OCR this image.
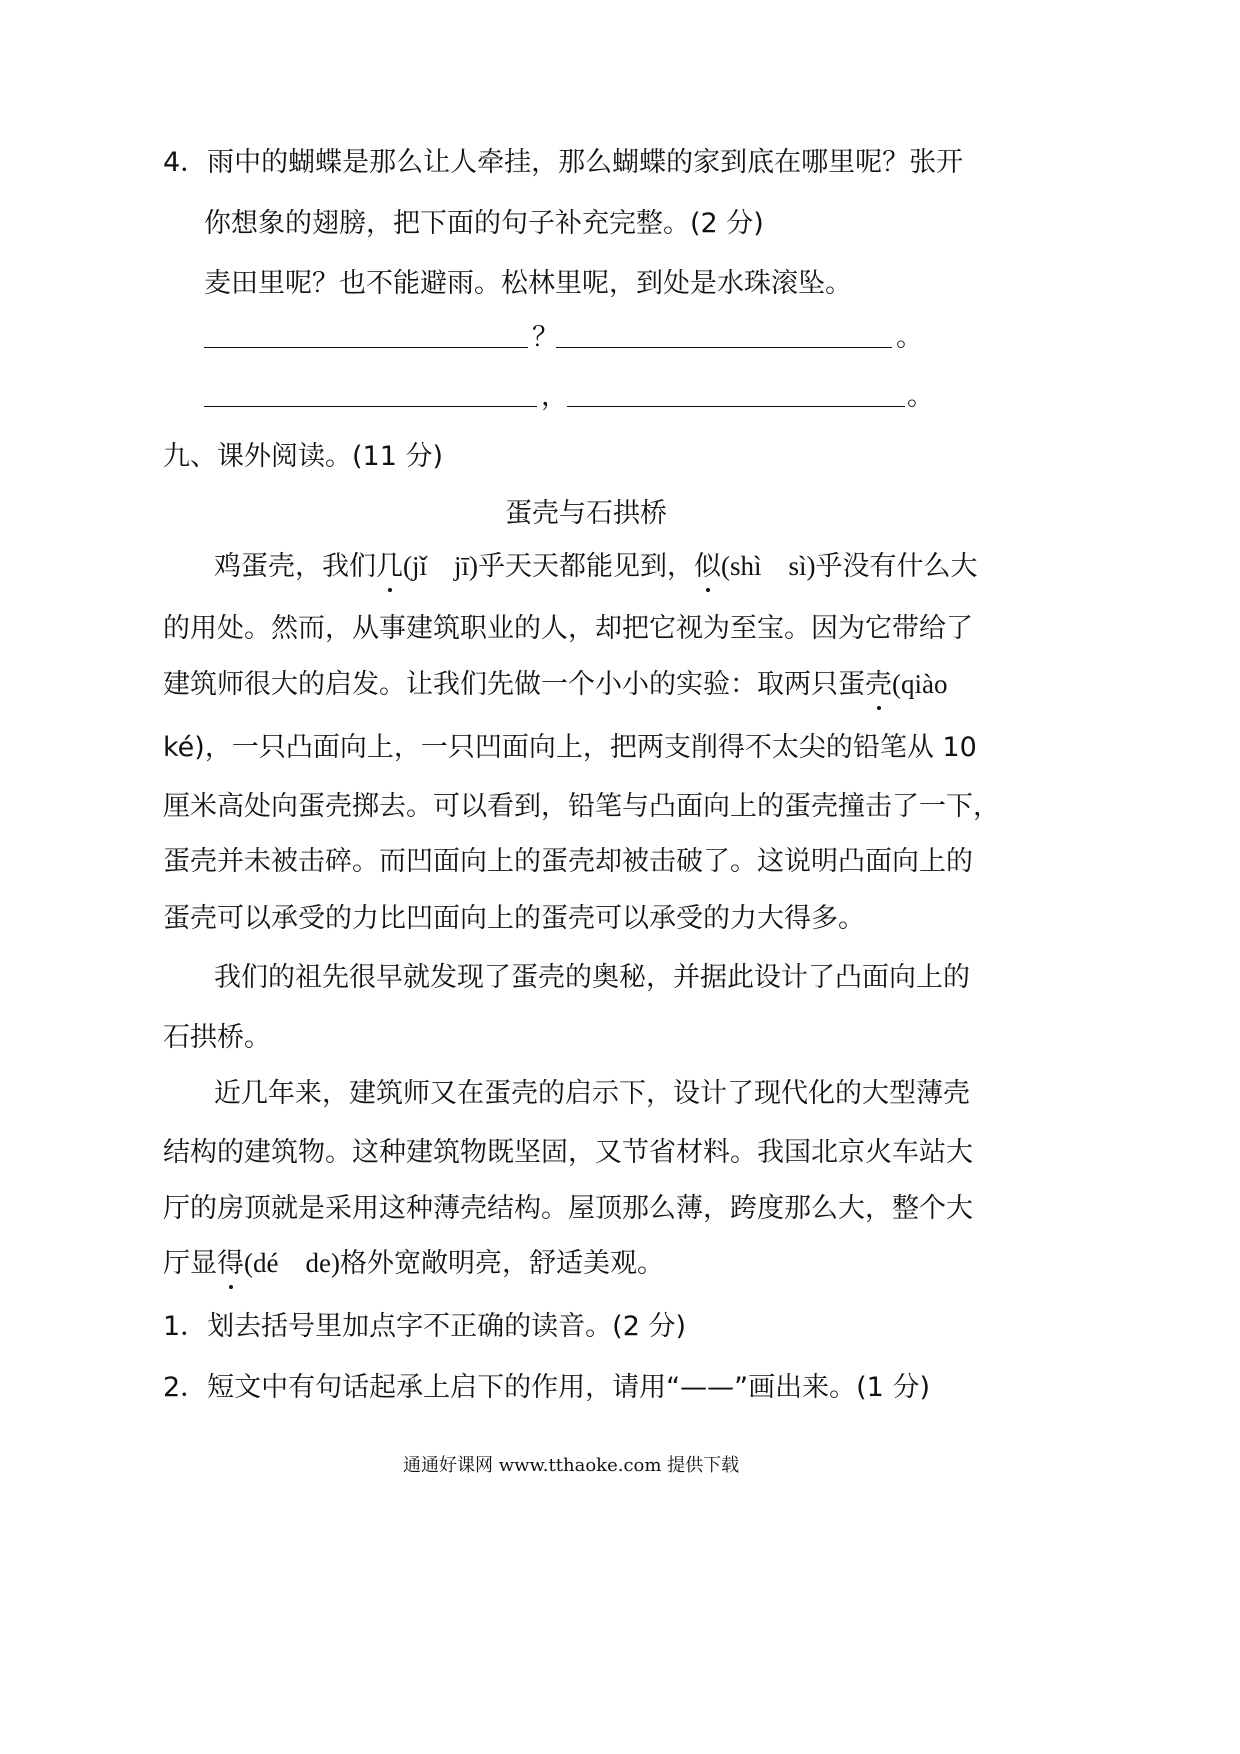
4．雨中的蝴蝶是那么让人牵挂，那么蝴蝶的家到底在哪里呢？张开
你想象的翅膀，把下面的句子补充完整。(2 分)
麦田里呢？也不能避雨。松林里呢，到处是水珠滚坠。
？	。
，	。
九、课外阅读。(11 分)
蛋壳与石拱桥
鸡蛋壳，我们几(jǐ　jī)乎天天都能见到，似(shì　sì)乎没有什么大
的用处。然而，从事建筑职业的人，却把它视为至宝。因为它带给了
建筑师很大的启发。让我们先做一个小小的实验：取两只蛋壳(qiào
ké)，一只凸面向上，一只凹面向上，把两支削得不太尖的铅笔从 10
厘米高处向蛋壳掷去。可以看到，铅笔与凸面向上的蛋壳撞击了一下，
蛋壳并未被击碎。而凹面向上的蛋壳却被击破了。这说明凸面向上的
蛋壳可以承受的力比凹面向上的蛋壳可以承受的力大得多。
我们的祖先很早就发现了蛋壳的奥秘，并据此设计了凸面向上的
石拱桥。
近几年来，建筑师又在蛋壳的启示下，设计了现代化的大型薄壳
结构的建筑物。这种建筑物既坚固，又节省材料。我国北京火车站大
厅的房顶就是采用这种薄壳结构。屋顶那么薄，跨度那么大，整个大
厅显得(dé　de)格外宽敞明亮，舒适美观。
1．划去括号里加点字不正确的读音。(2 分)
2．短文中有句话起承上启下的作用，请用“——”画出来。(1 分)
通通好课网 www.tthaoke.com 提供下载
